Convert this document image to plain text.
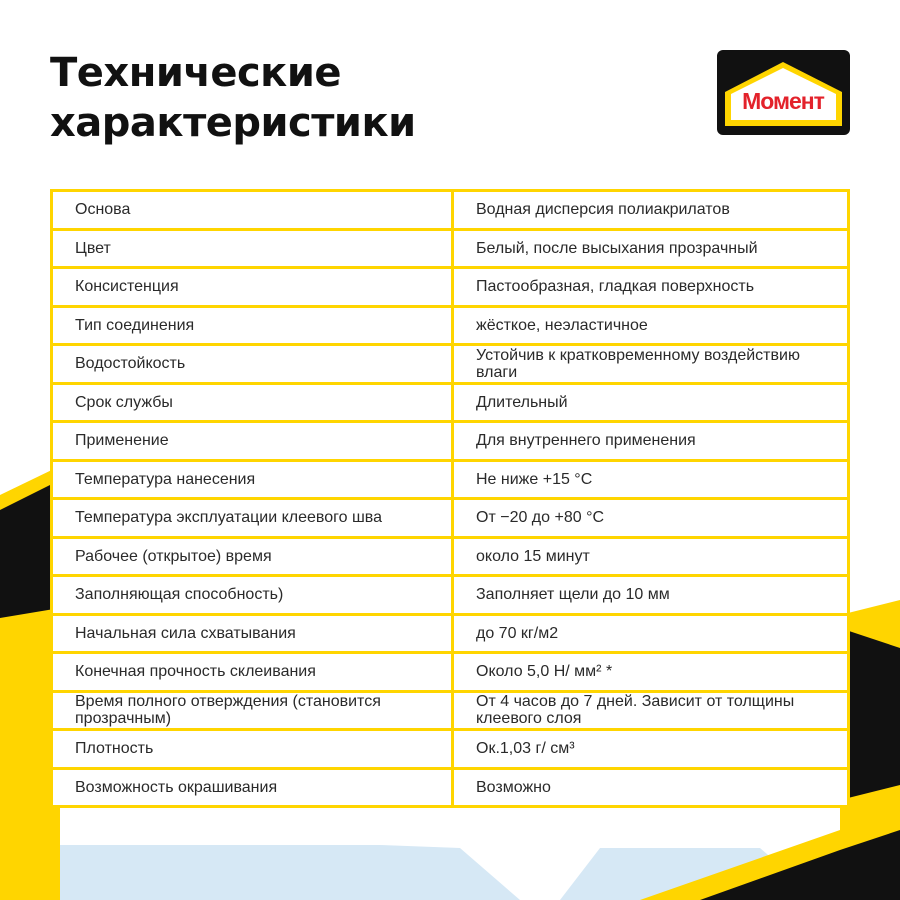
Технические
характеристики	Момент
Основа	Водная дисперсия полиакрилатов
Цвет	Белый, после высыхания прозрачный
Консистенция	Пастообразная, гладкая поверхность
Тип соединения	жёсткое, неэластичное
Водостойкость	Устойчив к кратковременному воздействию влаги
Срок службы	Длительный
Применение	Для внутреннего применения
Температура нанесения	Не ниже +15 °C
Температура эксплуатации клеевого шва	От −20 до +80 °C
Рабочее (открытое) время	около 15 минут
Заполняющая способность)	Заполняет щели до 10 мм
Начальная сила схватывания	до 70 кг/м2
Конечная прочность склеивания	Около 5,0 Н/ мм² *
Время полного отверждения (становится прозрачным)	От 4 часов до 7 дней. Зависит от толщины клеевого слоя
Плотность	Ок.1,03 г/ см³
Возможность окрашивания	Возможно
